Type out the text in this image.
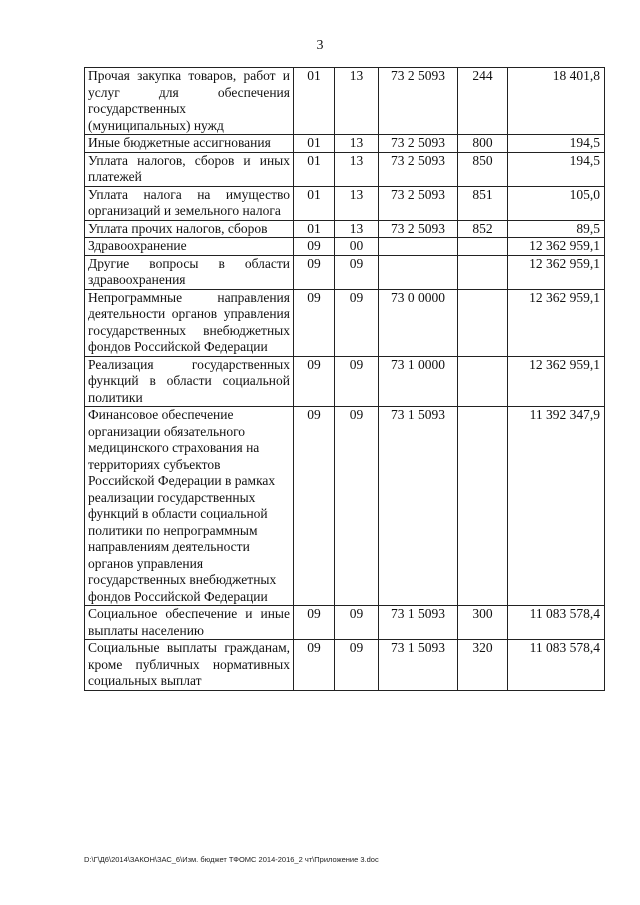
3
Прочая закупка товаров, работ и услуг для обеспечения государственных (муниципальных) нужд	01	13	73 2 5093	244	18 401,8
Иные бюджетные ассигнования	01	13	73 2 5093	800	194,5
Уплата налогов, сборов и иных платежей	01	13	73 2 5093	850	194,5
Уплата налога на имущество организаций и земельного налога	01	13	73 2 5093	851	105,0
Уплата прочих налогов, сборов	01	13	73 2 5093	852	89,5
Здравоохранение	09	00			12 362 959,1
Другие вопросы в области здравоохранения	09	09			12 362 959,1
Непрограммные направления деятельности органов управления государственных внебюджетных фондов Российской Федерации	09	09	73 0 0000		12 362 959,1
Реализация государственных функций в области социальной политики	09	09	73 1 0000		12 362 959,1
Финансовое обеспечение организации обязательного медицинского страхования на территориях субъектов Российской Федерации в рамках реализации государственных функций в области социальной политики по непрограммным направлениям деятельности органов управления государственных внебюджетных фондов Российской Федерации	09	09	73 1 5093		11 392 347,9
Социальное обеспечение и иные выплаты населению	09	09	73 1 5093	300	11 083 578,4
Социальные выплаты гражданам, кроме публичных нормативных социальных выплат	09	09	73 1 5093	320	11 083 578,4
D:\Г\Д6\2014\ЗАКОН\ЗАС_6\Изм. бюджет ТФОМС 2014-2016_2 чт\Приложение 3.doc
